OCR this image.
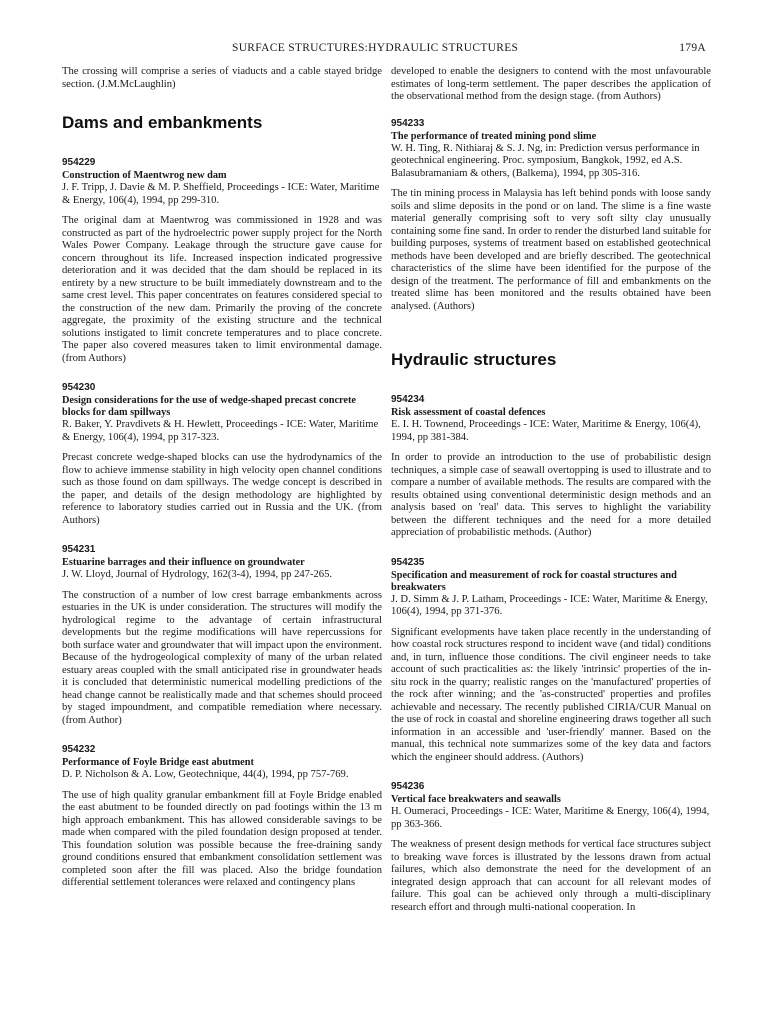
SURFACE STRUCTURES:HYDRAULIC STRUCTURES	179A

The crossing will comprise a series of viaducts and a cable stayed bridge section. (J.M.McLaughlin)

Dams and embankments
954229

Construction of Maentwrog new dam

J. F. Tripp, J. Davie & M. P. Sheffield, Proceedings - ICE: Water, Maritime & Energy, 106(4), 1994, pp 299-310.

The original dam at Maentwrog was commissioned in 1928 and was constructed as part of the hydroelectric power supply project for the North Wales Power Company. Leakage through the structure gave cause for concern throughout its life. Increased inspection indicated progressive deterioration and it was decided that the dam should be replaced in its entirety by a new structure to be built immediately downstream and to the same crest level. This paper concentrates on features considered special to the construction of the new dam. Primarily the proving of the concrete aggregate, the proximity of the existing structure and the technical solutions instigated to limit concrete temperatures and to place concrete. The paper also covered measures taken to limit environmental damage. (from Authors)

954230

Design considerations for the use of wedge-shaped precast concrete blocks for dam spillways

R. Baker, Y. Pravdivets & H. Hewlett, Proceedings - ICE: Water, Maritime & Energy, 106(4), 1994, pp 317-323.

Precast concrete wedge-shaped blocks can use the hydrodynamics of the flow to achieve immense stability in high velocity open channel conditions such as those found on dam spillways. The wedge concept is described in the paper, and details of the design methodology are highlighted by reference to laboratory studies carried out in Russia and the UK. (from Authors)

954231

Estuarine barrages and their influence on groundwater

J. W. Lloyd, Journal of Hydrology, 162(3-4), 1994, pp 247-265.

The construction of a number of low crest barrage embankments across estuaries in the UK is under consideration. The structures will modify the hydrological regime to the advantage of certain infrastructural developments but the regime modifications will have repercussions for both surface water and groundwater that will impact upon the environment. Because of the hydrogeological complexity of many of the urban related estuary areas coupled with the small anticipated rise in groundwater heads it is concluded that deterministic numerical modelling predictions of the head change cannot be realistically made and that schemes should proceed by staged impoundment, and compatible remediation where necessary. (from Author)

954232

Performance of Foyle Bridge east abutment

D. P. Nicholson & A. Low, Geotechnique, 44(4), 1994, pp 757-769.

The use of high quality granular embankment fill at Foyle Bridge enabled the east abutment to be founded directly on pad footings within the 13 m high approach embankment. This has allowed considerable savings to be made when compared with the piled foundation design proposed at tender. This foundation solution was possible because the free-draining sandy ground conditions ensured that embankment consolidation settlement was completed soon after the fill was placed. Also the bridge foundation differential settlement tolerances were relaxed and contingency plans

developed to enable the designers to contend with the most unfavourable estimates of long-term settlement. The paper describes the application of the observational method from the design stage. (from Authors)

954233

The performance of treated mining pond slime

W. H. Ting, R. Nithiaraj & S. J. Ng, in: Prediction versus performance in geotechnical engineering. Proc. symposium, Bangkok, 1992, ed A.S. Balasubramaniam & others, (Balkema), 1994, pp 305-316.

The tin mining process in Malaysia has left behind ponds with loose sandy soils and slime deposits in the pond or on land. The slime is a fine waste material generally comprising soft to very soft silty clay unusually containing some fine sand. In order to render the disturbed land suitable for building purposes, systems of treatment based on established geotechnical methods have been developed and are briefly described. The geotechnical characteristics of the slime have been identified for the purpose of the design of the treatment. The performance of fill and embankments on the treated slime has been monitored and the results obtained have been analysed. (Authors)

Hydraulic structures
954234

Risk assessment of coastal defences

E. I. H. Townend, Proceedings - ICE: Water, Maritime & Energy, 106(4), 1994, pp 381-384.

In order to provide an introduction to the use of probabilistic design techniques, a simple case of seawall overtopping is used to illustrate and to compare a number of available methods. The results are compared with the results obtained using conventional deterministic design methods and an analysis based on 'real' data. This serves to highlight the variability between the different techniques and the need for a more detailed appreciation of probabilistic methods. (Author)

954235

Specification and measurement of rock for coastal structures and breakwaters

J. D. Simm & J. P. Latham, Proceedings - ICE: Water, Maritime & Energy, 106(4), 1994, pp 371-376.

Significant evelopments have taken place recently in the understanding of how coastal rock structures respond to incident wave (and tidal) conditions and, in turn, influence those conditions. The civil engineer needs to take account of such practicalities as: the likely 'intrinsic' properties of the in-situ rock in the quarry; realistic ranges on the 'manufactured' properties of the rock after winning; and the 'as-constructed' properties and profiles achievable and necessary. The recently published CIRIA/CUR Manual on the use of rock in coastal and shoreline engineering draws together all such information in an accessible and 'user-friendly' manner. Based on the manual, this technical note summarizes some of the key data and factors which the engineer should address. (Authors)

954236

Vertical face breakwaters and seawalls

H. Oumeraci, Proceedings - ICE: Water, Maritime & Energy, 106(4), 1994, pp 363-366.

The weakness of present design methods for vertical face structures subject to breaking wave forces is illustrated by the lessons drawn from actual failures, which also demonstrate the need for the development of an integrated design approach that can account for all relevant modes of failure. This goal can be achieved only through a multi-disciplinary research effort and through multi-national cooperation. In
